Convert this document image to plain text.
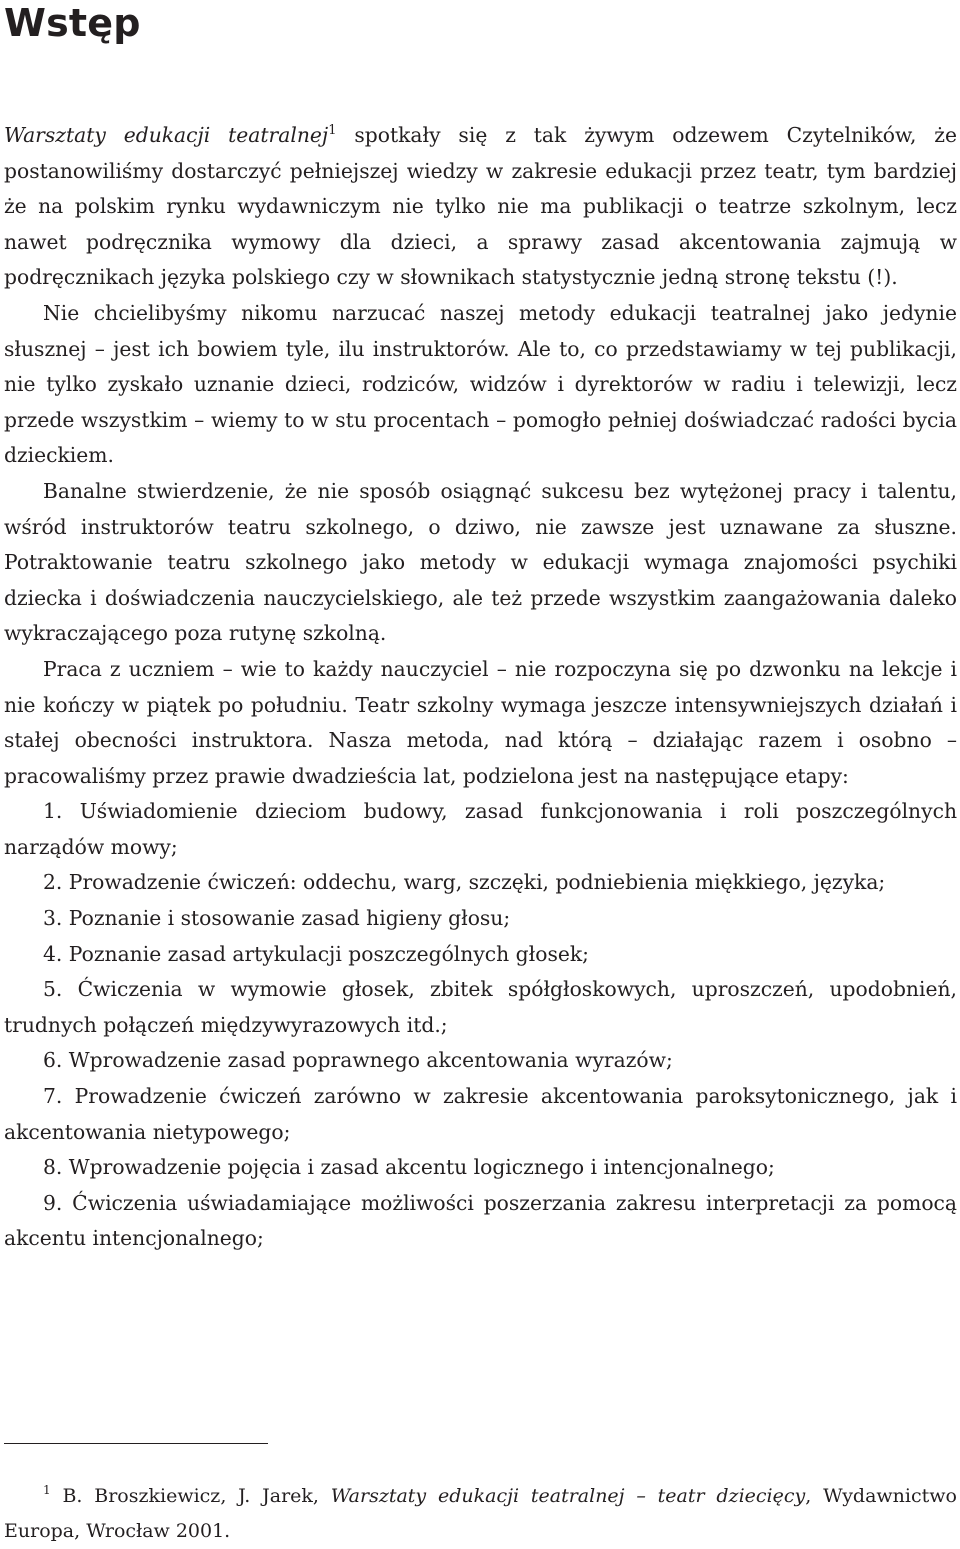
Wstęp

Warsztaty edukacji teatralnej$^1$ spotkały się z tak żywym odzewem Czytelników, że postanowiliśmy dostarczyć pełniejszej wiedzy w zakresie edukacji przez teatr, tym bardziej że na polskim rynku wydawniczym nie tylko nie ma publikacji o teatrze szkolnym, lecz nawet podręcznika wymowy dla dzieci, a sprawy zasad akcentowania zajmują w podręcznikach języka polskiego czy w słownikach statystycznie jedną stronę tekstu (!).

Nie chcielibyśmy nikomu narzucać naszej metody edukacji teatralnej jako jedynie słusznej – jest ich bowiem tyle, ilu instruktorów. Ale to, co przedstawiamy w tej publikacji, nie tylko zyskało uznanie dzieci, rodziców, widzów i dyrektorów w radiu i telewizji, lecz przede wszystkim – wiemy to w stu procentach – pomogło pełniej doświadczać radości bycia dzieckiem.

Banalne stwierdzenie, że nie sposób osiągnąć sukcesu bez wytężonej pracy i talentu, wśród instruktorów teatru szkolnego, o dziwo, nie zawsze jest uznawane za słuszne. Potraktowanie teatru szkolnego jako metody w edukacji wymaga znajomości psychiki dziecka i doświadczenia nauczycielskiego, ale też przede wszystkim zaangażowania daleko wykraczającego poza rutynę szkolną.

Praca z uczniem – wie to każdy nauczyciel – nie rozpoczyna się po dzwonku na lekcje i nie kończy w piątek po południu. Teatr szkolny wymaga jeszcze intensywniejszych działań i stałej obecności instruktora. Nasza metoda, nad którą – działając razem i osobno – pracowaliśmy przez prawie dwadzieścia lat, podzielona jest na następujące etapy:

1. Uświadomienie dzieciom budowy, zasad funkcjonowania i roli poszczególnych narządów mowy;
2. Prowadzenie ćwiczeń: oddechu, warg, szczęki, podniebienia miękkiego, języka;
3. Poznanie i stosowanie zasad higieny głosu;
4. Poznanie zasad artykulacji poszczególnych głosek;
5. Ćwiczenia w wymowie głosek, zbitek spółgłoskowych, uproszczeń, upodobnień, trudnych połączeń międzywyrazowych itd.;
6. Wprowadzenie zasad poprawnego akcentowania wyrazów;
7. Prowadzenie ćwiczeń zarówno w zakresie akcentowania paroksytonicznego, jak i akcentowania nietypowego;
8. Wprowadzenie pojęcia i zasad akcentu logicznego i intencjonalnego;
9. Ćwiczenia uświadamiające możliwości poszerzania zakresu interpretacji za pomocą akcentu intencjonalnego;

$^1$ B. Broszkiewicz, J. Jarek, Warsztaty edukacji teatralnej – teatr dziecięcy, Wydawnictwo Europa, Wrocław 2001.
